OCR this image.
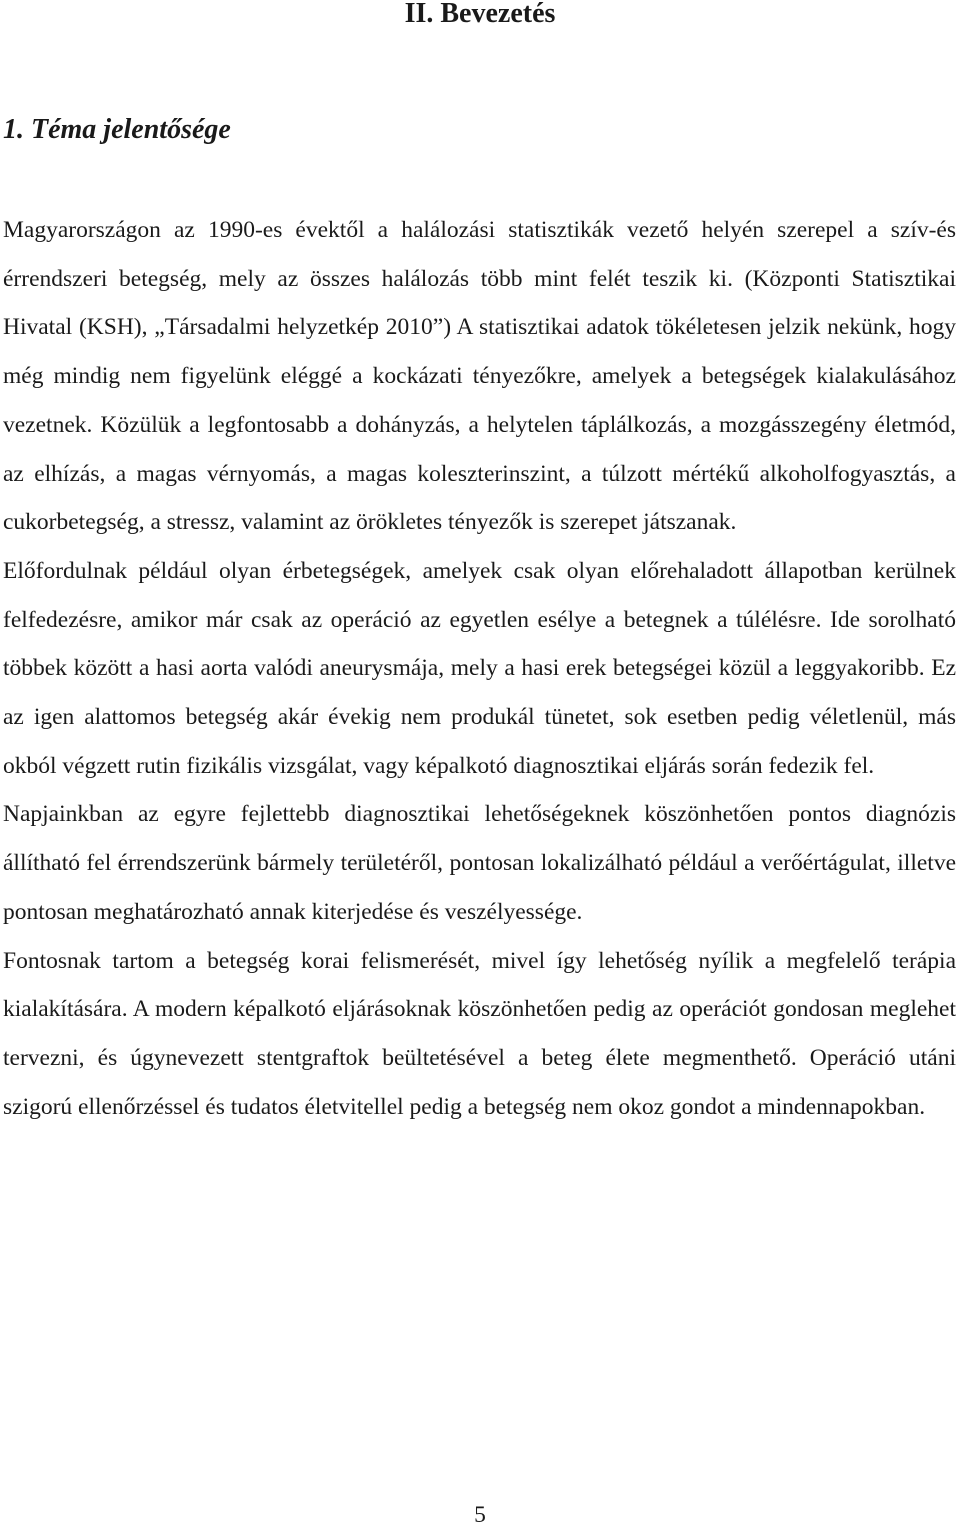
II. Bevezetés
1. Téma jelentősége

Magyarországon az 1990-es évektől a halálozási statisztikák vezető helyén szerepel a szív-és érrendszeri betegség, mely az összes halálozás több mint felét teszik ki. (Központi Statisztikai Hivatal (KSH), „Társadalmi helyzetkép 2010”) A statisztikai adatok tökéletesen jelzik nekünk, hogy még mindig nem figyelünk eléggé a kockázati tényezőkre, amelyek a betegségek kialakulásához vezetnek. Közülük a legfontosabb a dohányzás, a helytelen táplálkozás, a mozgásszegény életmód, az elhízás, a magas vérnyomás, a magas koleszterinszint, a túlzott mértékű alkoholfogyasztás, a cukorbetegség, a stressz, valamint az örökletes tényezők is szerepet játszanak.

Előfordulnak például olyan érbetegségek, amelyek csak olyan előrehaladott állapotban kerülnek felfedezésre, amikor már csak az operáció az egyetlen esélye a betegnek a túlélésre. Ide sorolható többek között a hasi aorta valódi aneurysmája, mely a hasi erek betegségei közül a leggyakoribb. Ez az igen alattomos betegség akár évekig nem produkál tünetet, sok esetben pedig véletlenül, más okból végzett rutin fizikális vizsgálat, vagy képalkotó diagnosztikai eljárás során fedezik fel.

Napjainkban az egyre fejlettebb diagnosztikai lehetőségeknek köszönhetően pontos diagnózis állítható fel érrendszerünk bármely területéről, pontosan lokalizálható például a verőértágulat, illetve pontosan meghatározható annak kiterjedése és veszélyessége.

Fontosnak tartom a betegség korai felismerését, mivel így lehetőség nyílik a megfelelő terápia kialakítására. A modern képalkotó eljárásoknak köszönhetően pedig az operációt gondosan meglehet tervezni, és úgynevezett stentgraftok beültetésével a beteg élete megmenthető. Operáció utáni szigorú ellenőrzéssel és tudatos életvitellel pedig a betegség nem okoz gondot a mindennapokban.

5
